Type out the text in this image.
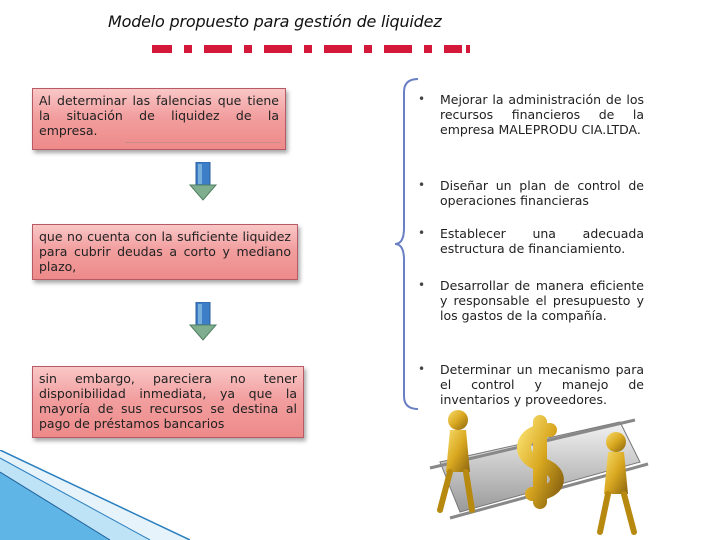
Modelo propuesto para gestión de liquidez
Al determinar las falencias que tiene la situación de liquidez de la empresa.
que no cuenta con la suficiente liquidez para cubrir deudas a corto y mediano plazo,
sin embargo, pareciera no tener disponibilidad inmediata, ya que la mayoría de sus recursos se destina al pago de préstamos bancarios
• Mejorar la administración de los recursos financieros de la empresa MALEPRODU CIA.LTDA.
• Diseñar un plan de control de operaciones financieras
• Establecer una adecuada estructura de financiamiento.
• Desarrollar de manera eficiente y responsable el presupuesto y los gastos de la compañía.
• Determinar un mecanismo para el control y manejo de inventarios y proveedores.
